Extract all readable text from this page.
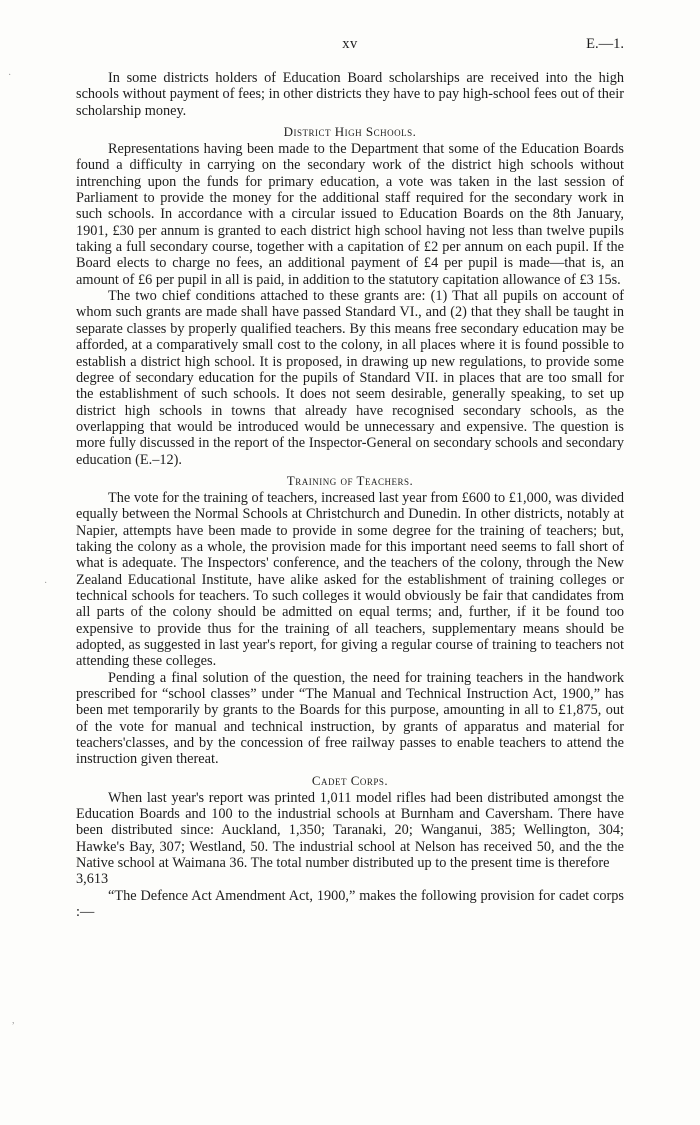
·
·
,
xv	E.—1.

In some districts holders of Education Board scholarships are received into the high schools without payment of fees; in other districts they have to pay high-school fees out of their scholarship money.

District High Schools.

Representations having been made to the Department that some of the Education Boards found a difficulty in carrying on the secondary work of the district high schools without intrenching upon the funds for primary education, a vote was taken in the last session of Parliament to provide the money for the additional staff required for the secondary work in such schools. In accordance with a circular issued to Education Boards on the 8th January, 1901, £30 per annum is granted to each district high school having not less than twelve pupils taking a full secondary course, together with a capitation of £2 per annum on each pupil. If the Board elects to charge no fees, an additional payment of £4 per pupil is made—that is, an amount of £6 per pupil in all is paid, in addition to the statutory capitation allowance of £3 15s.

The two chief conditions attached to these grants are: (1) That all pupils on account of whom such grants are made shall have passed Standard VI., and (2) that they shall be taught in separate classes by properly qualified teachers. By this means free secondary education may be afforded, at a comparatively small cost to the colony, in all places where it is found possible to establish a district high school. It is proposed, in drawing up new regulations, to provide some degree of secondary education for the pupils of Standard VII. in places that are too small for the establishment of such schools. It does not seem desirable, generally speaking, to set up district high schools in towns that already have recognised secondary schools, as the overlapping that would be introduced would be unnecessary and expensive. The question is more fully discussed in the report of the Inspector-General on secondary schools and secondary education (E.–12).

Training of Teachers.

The vote for the training of teachers, increased last year from £600 to £1,000, was divided equally between the Normal Schools at Christchurch and Dunedin. In other districts, notably at Napier, attempts have been made to provide in some degree for the training of teachers; but, taking the colony as a whole, the provision made for this important need seems to fall short of what is adequate. The Inspectors' conference, and the teachers of the colony, through the New Zealand Educational Institute, have alike asked for the establishment of training colleges or technical schools for teachers. To such colleges it would obviously be fair that candidates from all parts of the colony should be admitted on equal terms; and, further, if it be found too expensive to provide thus for the training of all teachers, supplementary means should be adopted, as suggested in last year's report, for giving a regular course of training to teachers not attending these colleges.

Pending a final solution of the question, the need for training teachers in the handwork prescribed for “school classes” under “The Manual and Technical Instruction Act, 1900,” has been met temporarily by grants to the Boards for this purpose, amounting in all to £1,875, out of the vote for manual and technical instruction, by grants of apparatus and material for teachers'classes, and by the concession of free railway passes to enable teachers to attend the instruction given thereat.

Cadet Corps.

When last year's report was printed 1,011 model rifles had been distributed amongst the Education Boards and 100 to the industrial schools at Burnham and Caversham. There have been distributed since: Auckland, 1,350; Taranaki, 20; Wanganui, 385; Wellington, 304; Hawke's Bay, 307; Westland, 50. The industrial school at Nelson has received 50, and the the Native school at Waimana 36. The total number distributed up to the present time is therefore

3,613

“The Defence Act Amendment Act, 1900,” makes the following provision for cadet corps :—
